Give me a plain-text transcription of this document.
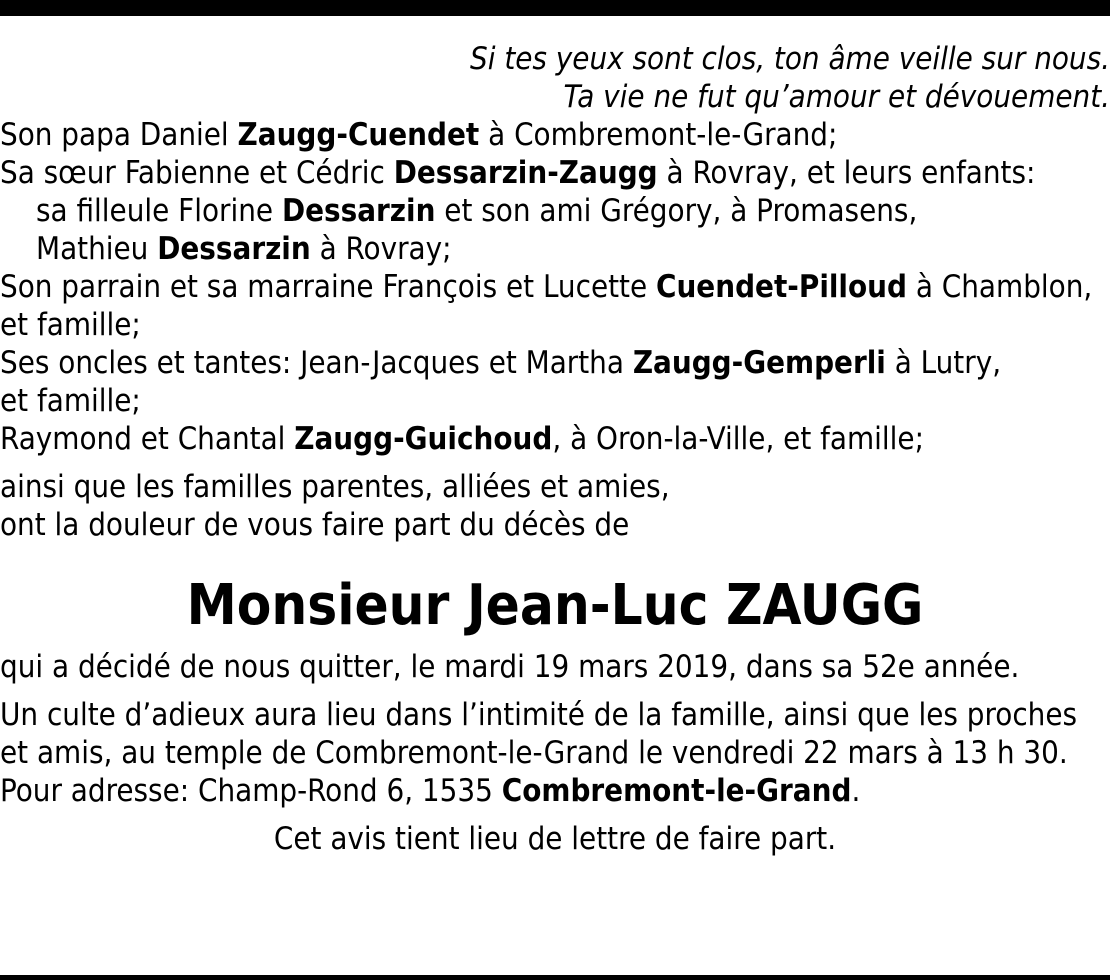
Si tes yeux sont clos, ton âme veille sur nous.
Ta vie ne fut qu’amour et dévouement.
Son papa Daniel Zaugg-Cuendet à Combremont-le-Grand;
Sa sœur Fabienne et Cédric Dessarzin-Zaugg à Rovray, et leurs enfants:
sa filleule Florine Dessarzin et son ami Grégory, à Promasens,
Mathieu Dessarzin à Rovray;
Son parrain et sa marraine François et Lucette Cuendet-Pilloud à Chamblon,
et famille;
Ses oncles et tantes: Jean-Jacques et Martha Zaugg-Gemperli à Lutry,
et famille;
Raymond et Chantal Zaugg-Guichoud, à Oron-la-Ville, et famille;
ainsi que les familles parentes, alliées et amies,
ont la douleur de vous faire part du décès de
Monsieur Jean-Luc ZAUGG
qui a décidé de nous quitter, le mardi 19 mars 2019, dans sa 52e année.
Un culte d’adieux aura lieu dans l’intimité de la famille, ainsi que les proches
et amis, au temple de Combremont-le-Grand le vendredi 22 mars à 13 h 30.
Pour adresse: Champ-Rond 6, 1535 Combremont-le-Grand.
Cet avis tient lieu de lettre de faire part.
